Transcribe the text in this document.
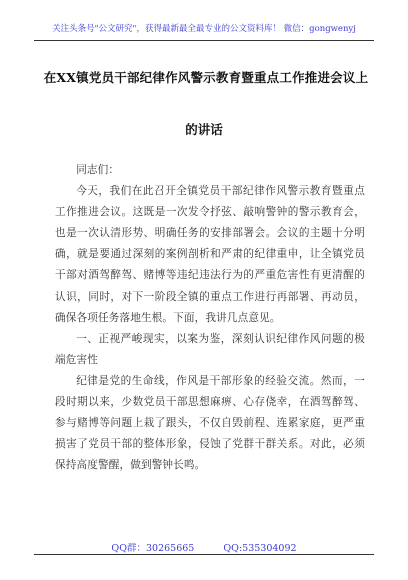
关注头条号"公文研究"，获得最新最全最专业的公文资料库！ 微信：gongwenyj
在XX镇党员干部纪律作风警示教育暨重点工作推进会议上
的讲话

同志们：

今天，我们在此召开全镇党员干部纪律作风警示教育暨重点工作推进会议。这既是一次发令抒弦、敲响警钟的警示教育会，也是一次认清形势、明确任务的安排部署会。会议的主题十分明确，就是要通过深刻的案例剖析和严肃的纪律重申，让全镇党员干部对酒驾醉驾、赌博等违纪违法行为的严重危害性有更清醒的认识，同时，对下一阶段全镇的重点工作进行再部署、再动员，确保各项任务落地生根。下面，我讲几点意见。

一、正视严峻现实，以案为鉴，深刻认识纪律作风问题的极端危害性

纪律是党的生命线，作风是干部形象的经验交流。然而，一段时期以来，少数党员干部思想麻痹、心存侥幸，在酒驾醉驾、参与赌博等问题上栽了跟头，不仅自毁前程、连累家庭，更严重损害了党员干部的整体形象，侵蚀了党群干群关系。对此，必须保持高度警醒，做到警钟长鸣。

QQ群：30265665	QQ:535304092
